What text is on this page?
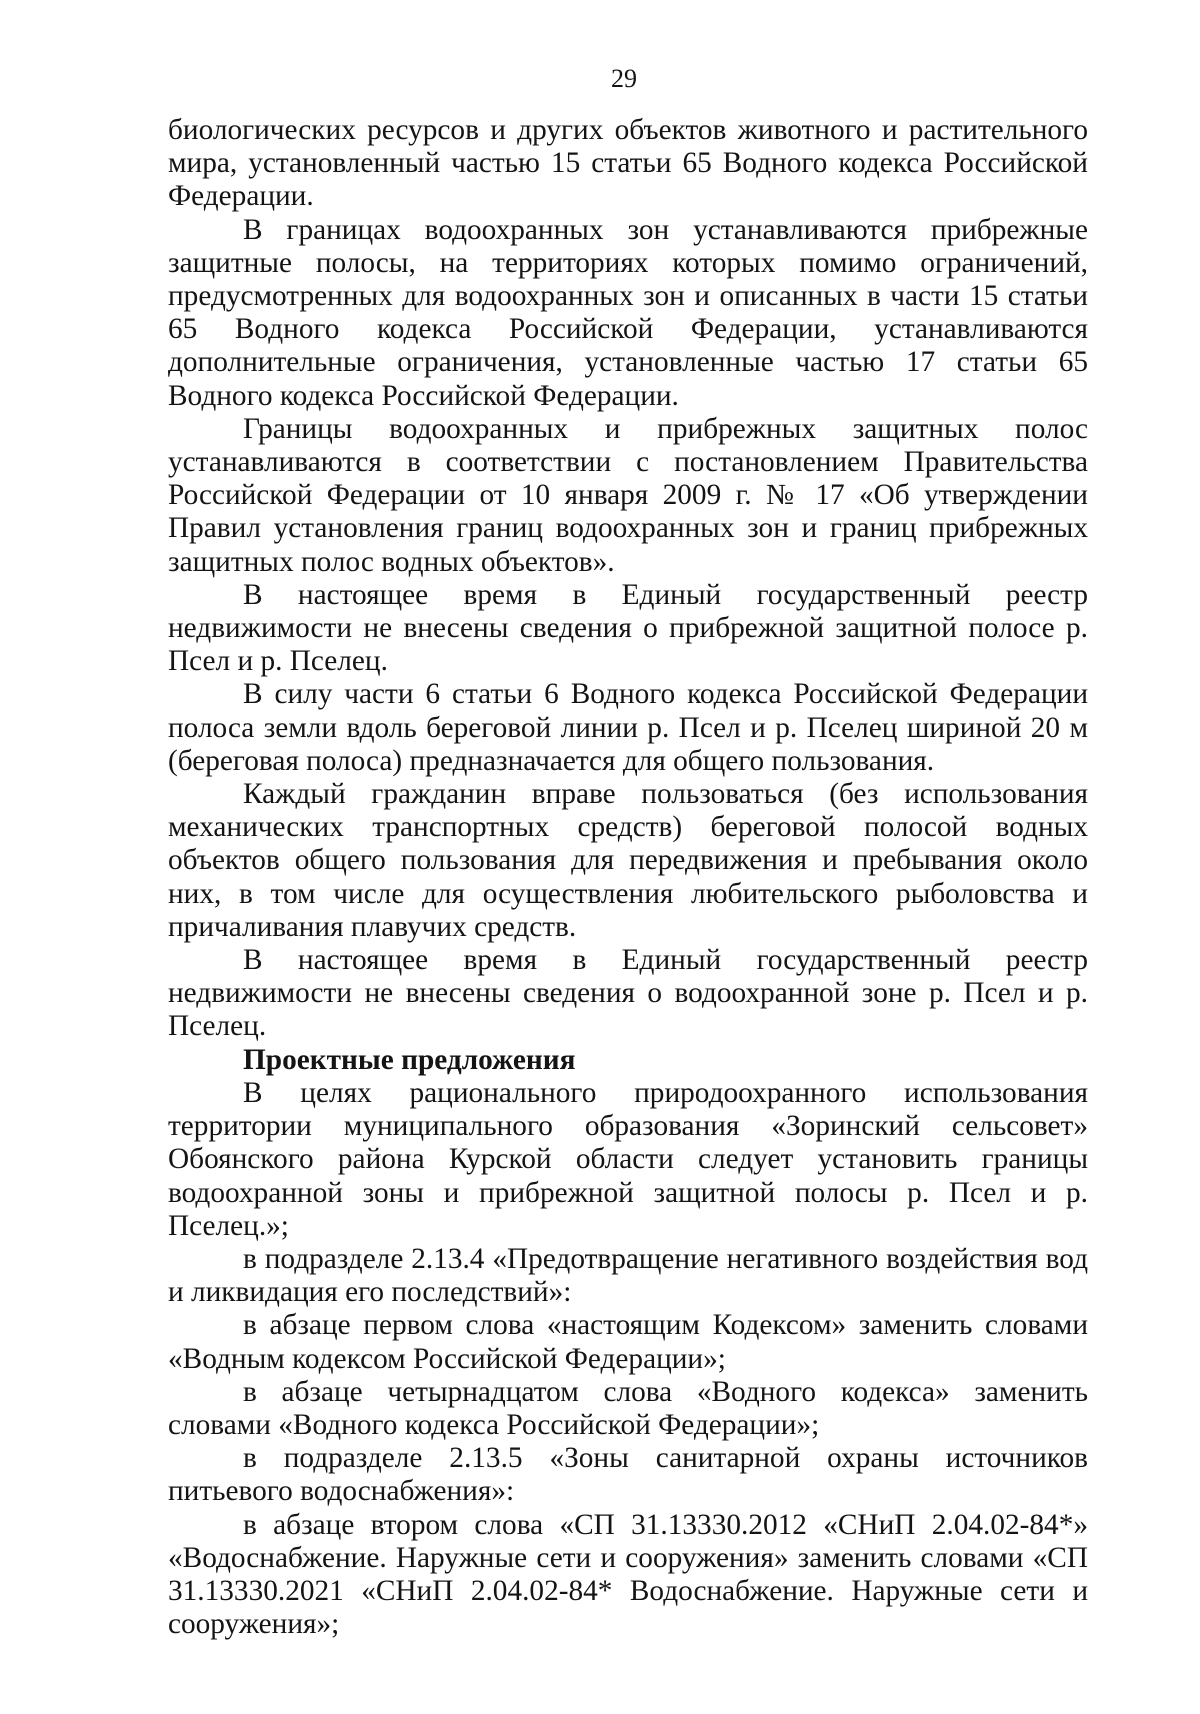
29

биологических ресурсов и других объектов животного и растительного мира, установленный частью 15 статьи 65 Водного кодекса Российской Федерации.

В границах водоохранных зон устанавливаются прибрежные защитные полосы, на территориях которых помимо ограничений, предусмотренных для водоохранных зон и описанных в части 15 статьи 65 Водного кодекса Российской Федерации, устанавливаются дополнительные ограничения, установленные частью 17 статьи 65 Водного кодекса Российской Федерации.

Границы водоохранных и прибрежных защитных полос устанавливаются в соответствии с постановлением Правительства Российской Федерации от 10 января 2009 г. № 17 «Об утверждении Правил установления границ водоохранных зон и границ прибрежных защитных полос водных объектов».

В настоящее время в Единый государственный реестр недвижимости не внесены сведения о прибрежной защитной полосе р. Псел и р. Пселец.

В силу части 6 статьи 6 Водного кодекса Российской Федерации полоса земли вдоль береговой линии р. Псел и р. Пселец шириной 20 м (береговая полоса) предназначается для общего пользования.

Каждый гражданин вправе пользоваться (без использования механических транспортных средств) береговой полосой водных объектов общего пользования для передвижения и пребывания около них, в том числе для осуществления любительского рыболовства и причаливания плавучих средств.

В настоящее время в Единый государственный реестр недвижимости не внесены сведения о водоохранной зоне р. Псел и р. Пселец.

Проектные предложения

В целях рационального природоохранного использования территории муниципального образования «Зоринский сельсовет» Обоянского района Курской области следует установить границы водоохранной зоны и прибрежной защитной полосы р. Псел и р. Пселец.»;

в подразделе 2.13.4 «Предотвращение негативного воздействия вод и ликвидация его последствий»:

в абзаце первом слова «настоящим Кодексом» заменить словами «Водным кодексом Российской Федерации»;

в абзаце четырнадцатом слова «Водного кодекса» заменить словами «Водного кодекса Российской Федерации»;

в подразделе 2.13.5 «Зоны санитарной охраны источников питьевого водоснабжения»:

в абзаце втором слова «СП 31.13330.2012 «СНиП 2.04.02-84*» «Водоснабжение. Наружные сети и сооружения» заменить словами «СП 31.13330.2021 «СНиП 2.04.02-84* Водоснабжение. Наружные сети и сооружения»;
